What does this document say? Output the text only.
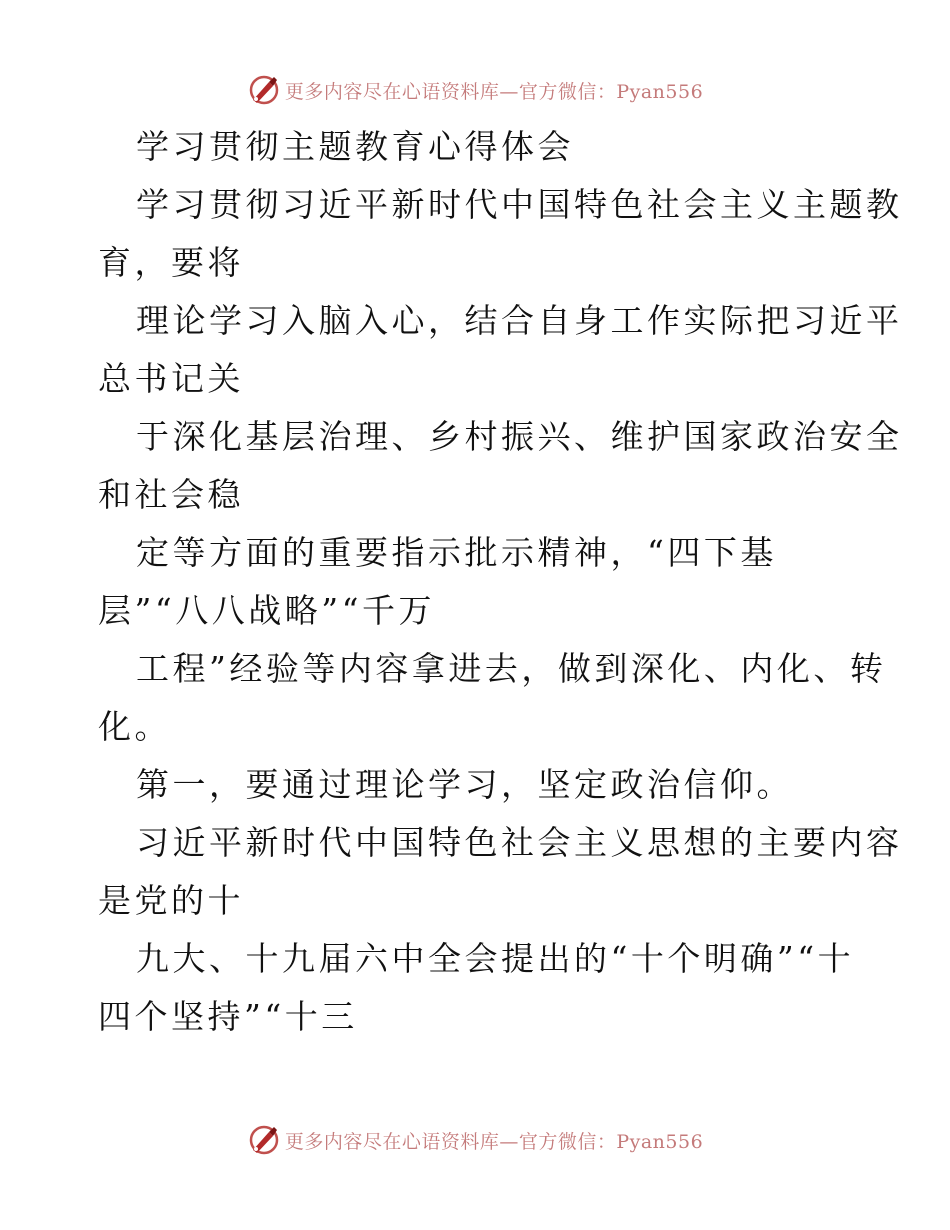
更多内容尽在心语资料库—官方微信：Pyan556

学习贯彻主题教育心得体会

学习贯彻习近平新时代中国特色社会主义主题教

育，要将

理论学习入脑入心，结合自身工作实际把习近平

总书记关

于深化基层治理、乡村振兴、维护国家政治安全

和社会稳

定等方面的重要指示批示精神，“四下基

层”“八八战略”“千万

工程”经验等内容拿进去，做到深化、内化、转

化。

第一，要通过理论学习，坚定政治信仰。

习近平新时代中国特色社会主义思想的主要内容

是党的十

九大、十九届六中全会提出的“十个明确”“十

四个坚持”“十三

更多内容尽在心语资料库—官方微信：Pyan556
